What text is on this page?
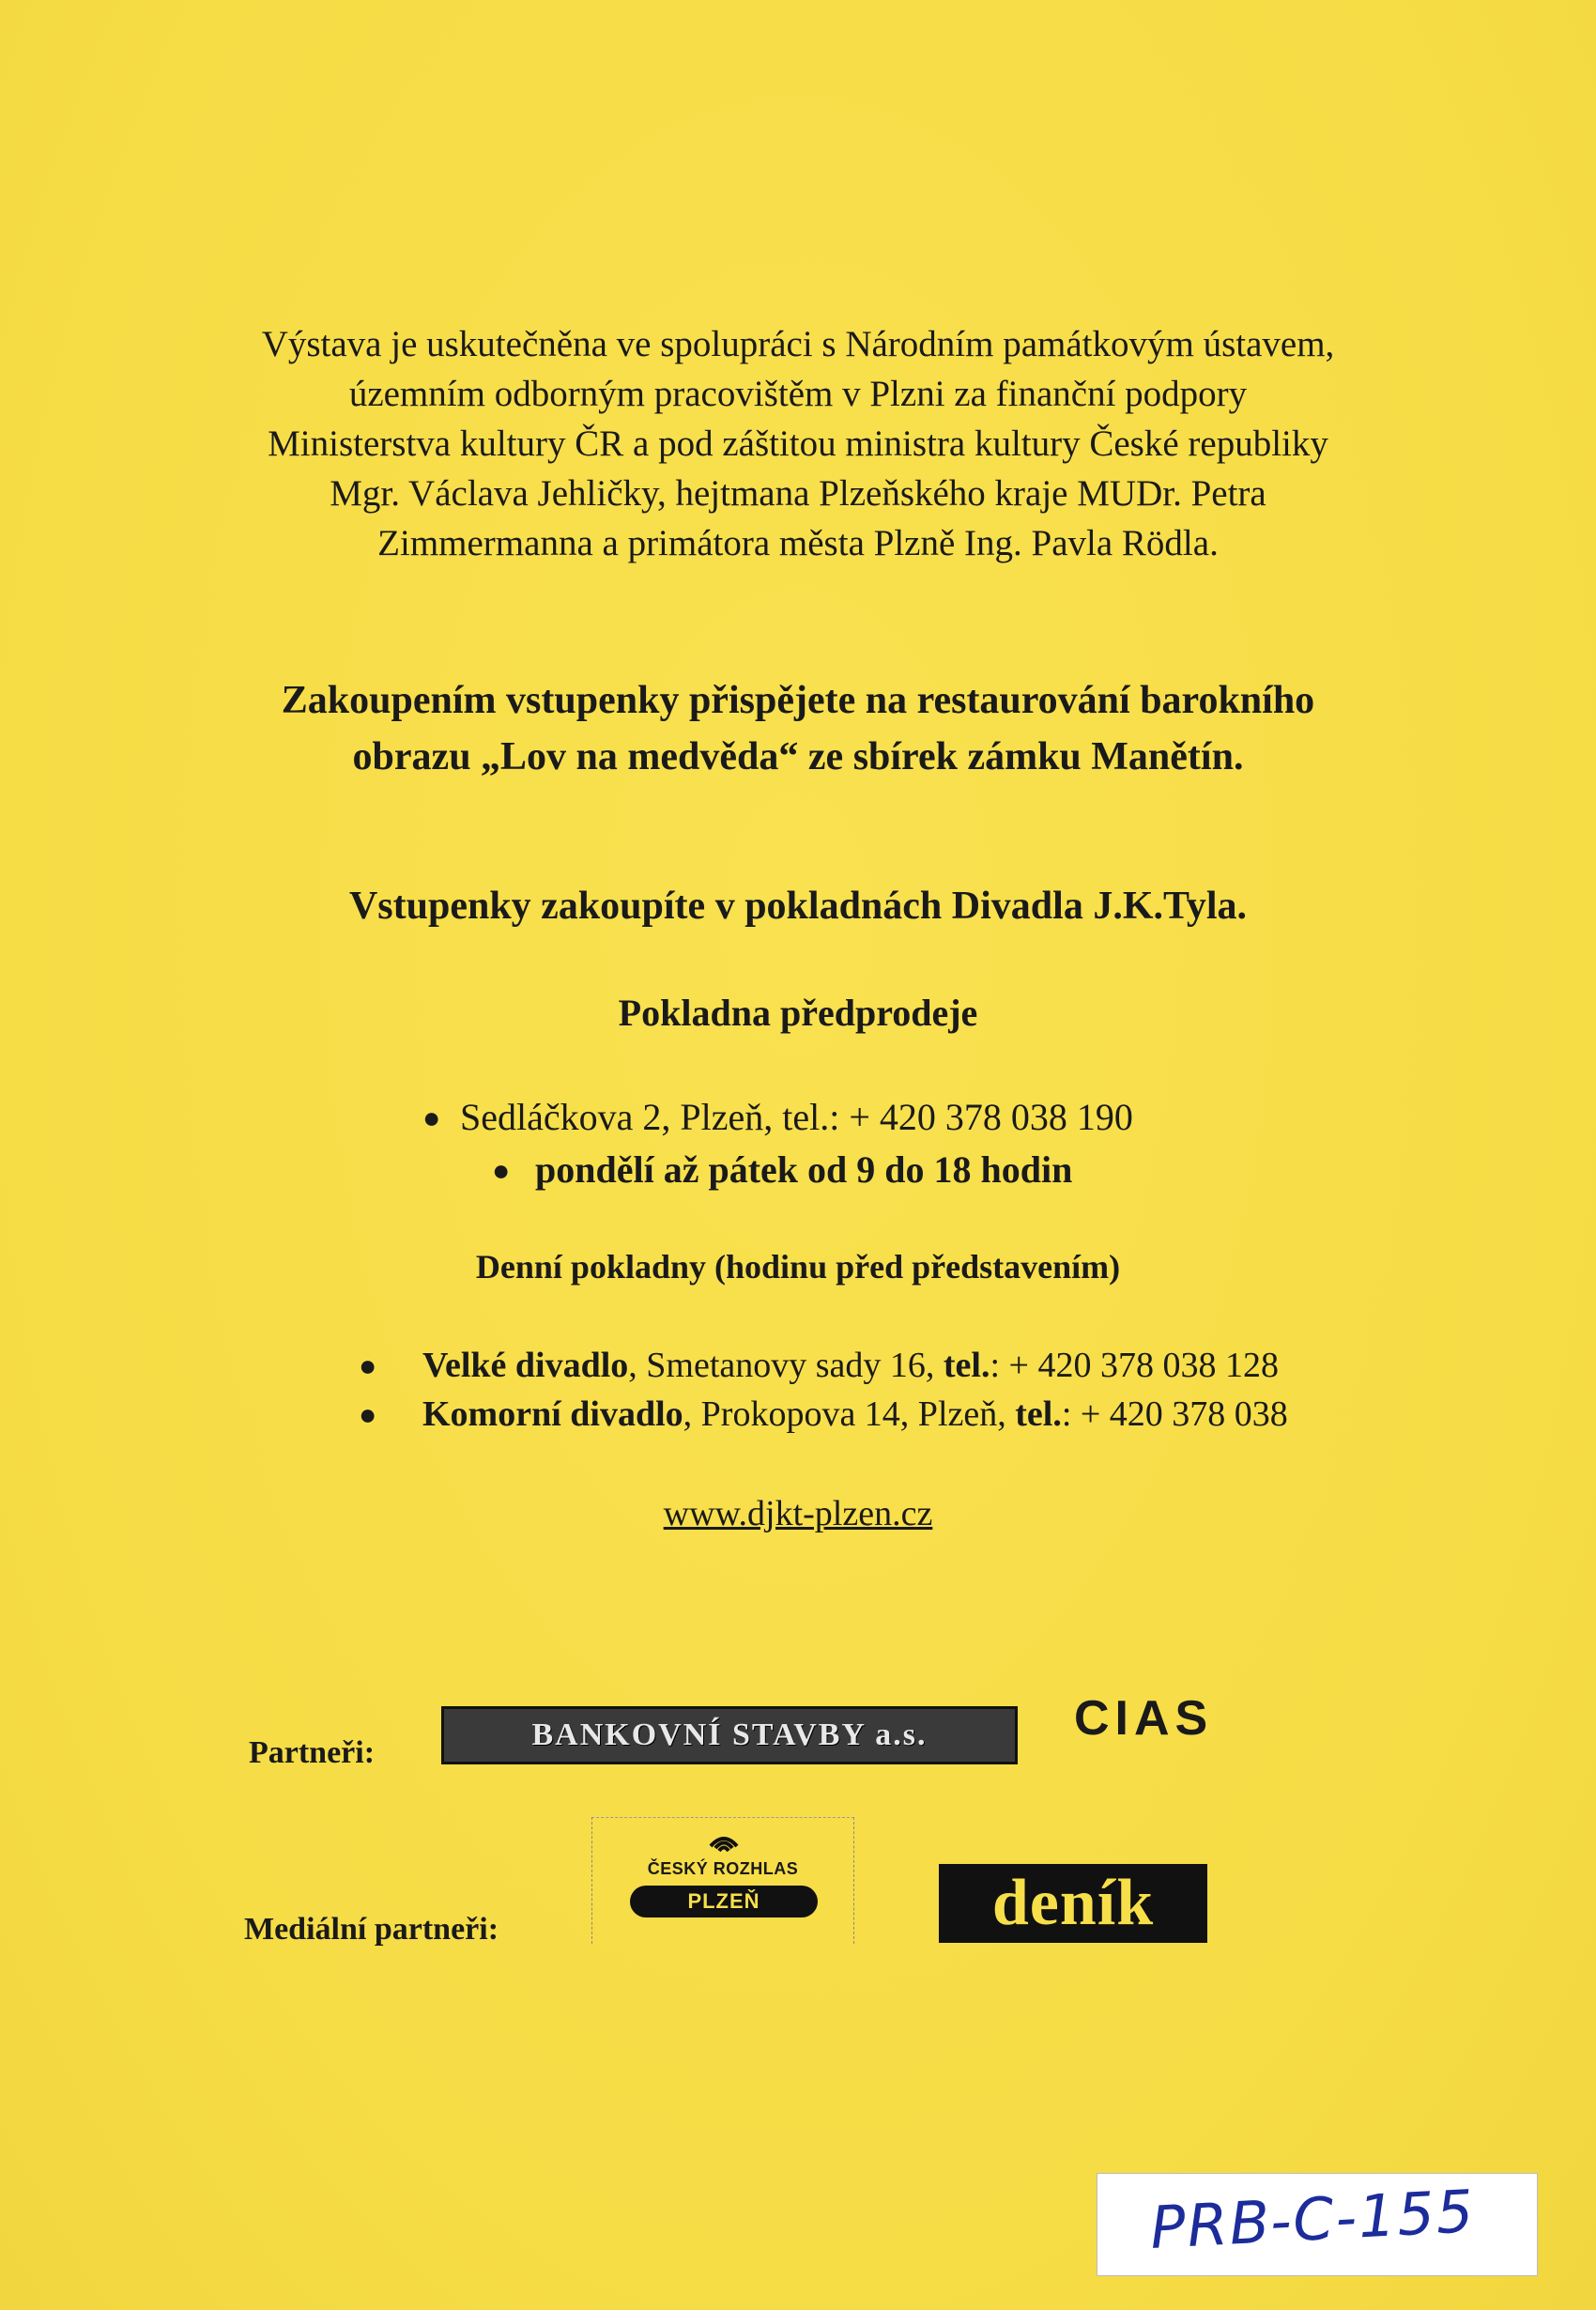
Výstava je uskutečněna ve spolupráci s Národním památkovým ústavem,

územním odborným pracovištěm v Plzni za finanční podpory

Ministerstva kultury ČR a pod záštitou ministra kultury České republiky

Mgr. Václava Jehličky, hejtmana Plzeňského kraje MUDr. Petra

Zimmermanna a primátora města Plzně Ing. Pavla Rödla.

Zakoupením vstupenky přispějete na restaurování barokního

obrazu „Lov na medvěda“ ze sbírek zámku Manětín.

Vstupenky zakoupíte v pokladnách Divadla J.K.Tyla.
Pokladna předprodeje
● Sedláčkova 2, Plzeň, tel.: + 420 378 038 190
● pondělí až pátek od 9 do 18 hodin
Denní pokladny (hodinu před představením)
● Velké divadlo, Smetanovy sady 16, tel.: + 420 378 038 128
● Komorní divadlo, Prokopova 14, Plzeň, tel.: + 420 378 038
www.djkt-plzen.cz
Partneři:
BANKOVNÍ STAVBY a.s.	CIAS
Mediální partneři:
ČESKÝ ROZHLAS
PLZEŇ	deník
PRB-C-155
